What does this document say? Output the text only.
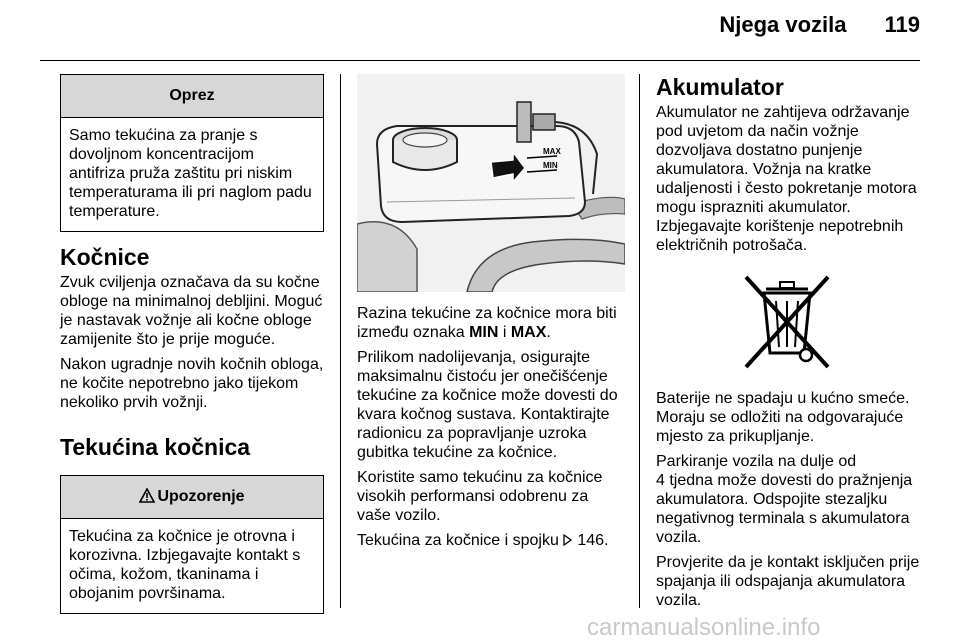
Njega vozila 119
Oprez
Samo tekućina za pranje s
dovoljnom koncentracijom
antifriza pruža zaštitu pri niskim
temperaturama ili pri naglom padu
temperature.
Kočnice

Zvuk cviljenja označava da su kočne
obloge na minimalnoj debljini. Moguć
je nastavak vožnje ali kočne obloge
zamijenite što je prije moguće.

Nakon ugradnje novih kočnih obloga,
ne kočite nepotrebno jako tijekom
nekoliko prvih vožnji.

Tekućina kočnica
Upozorenje
Tekućina za kočnice je otrovna i
korozivna. Izbjegavajte kontakt s
očima, kožom, tkaninama i
obojanim površinama.
MAX
MIN

Razina tekućine za kočnice mora biti
između oznaka MIN i MAX.

Prilikom nadolijevanja, osigurajte
maksimalnu čistoću jer onečišćenje
tekućine za kočnice može dovesti do
kvara kočnog sustava. Kontaktirajte
radionicu za popravljanje uzroka
gubitka tekućine za kočnice.

Koristite samo tekućinu za kočnice
visokih performansi odobrenu za
vaše vozilo.

Tekućina za kočnice i spojku 146.

Akumulator

Akumulator ne zahtijeva održavanje
pod uvjetom da način vožnje
dozvoljava dostatno punjenje
akumulatora. Vožnja na kratke
udaljenosti i često pokretanje motora
mogu isprazniti akumulator.
Izbjegavajte korištenje nepotrebnih
električnih potrošača.

Baterije ne spadaju u kućno smeće.
Moraju se odložiti na odgovarajuće
mjesto za prikupljanje.

Parkiranje vozila na dulje od
4 tjedna može dovesti do pražnjenja
akumulatora. Odspojite stezaljku
negativnog terminala s akumulatora
vozila.

Provjerite da je kontakt isključen prije
spajanja ili odspajanja akumulatora
vozila.

carmanualsonline.info
